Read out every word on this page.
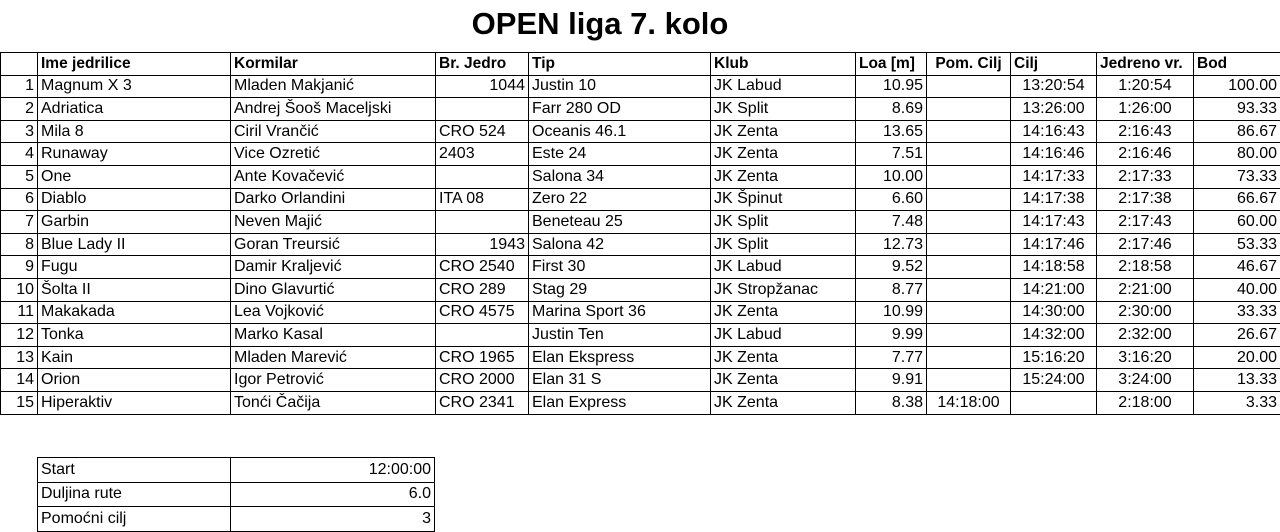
OPEN liga 7. kolo
	Ime jedrilice	Kormilar	Br. Jedro	Tip	Klub	Loa [m]	Pom. Cilj	Cilj	Jedreno vr.	Bod
1	Magnum X 3	Mladen Makjanić	1044	Justin 10	JK Labud	10.95		13:20:54	1:20:54	100.00
2	Adriatica	Andrej Šooš Maceljski		Farr 280 OD	JK Split	8.69		13:26:00	1:26:00	93.33
3	Mila 8	Ciril Vrančić	CRO 524	Oceanis 46.1	JK Zenta	13.65		14:16:43	2:16:43	86.67
4	Runaway	Vice Ozretić	2403	Este 24	JK Zenta	7.51		14:16:46	2:16:46	80.00
5	One	Ante Kovačević		Salona 34	JK Zenta	10.00		14:17:33	2:17:33	73.33
6	Diablo	Darko Orlandini	ITA 08	Zero 22	JK Špinut	6.60		14:17:38	2:17:38	66.67
7	Garbin	Neven Majić		Beneteau 25	JK Split	7.48		14:17:43	2:17:43	60.00
8	Blue Lady II	Goran Treursić	1943	Salona 42	JK Split	12.73		14:17:46	2:17:46	53.33
9	Fugu	Damir Kraljević	CRO 2540	First 30	JK Labud	9.52		14:18:58	2:18:58	46.67
10	Šolta II	Dino Glavurtić	CRO 289	Stag 29	JK Stropžanac	8.77		14:21:00	2:21:00	40.00
11	Makakada	Lea Vojković	CRO 4575	Marina Sport 36	JK Zenta	10.99		14:30:00	2:30:00	33.33
12	Tonka	Marko Kasal		Justin Ten	JK Labud	9.99		14:32:00	2:32:00	26.67
13	Kain	Mladen Marević	CRO 1965	Elan Ekspress	JK Zenta	7.77		15:16:20	3:16:20	20.00
14	Orion	Igor Petrović	CRO 2000	Elan 31 S	JK Zenta	9.91		15:24:00	3:24:00	13.33
15	Hiperaktiv	Tonći Čačija	CRO 2341	Elan Express	JK Zenta	8.38	14:18:00		2:18:00	3.33
Start	12:00:00
Duljina rute	6.0
Pomoćni cilj	3
